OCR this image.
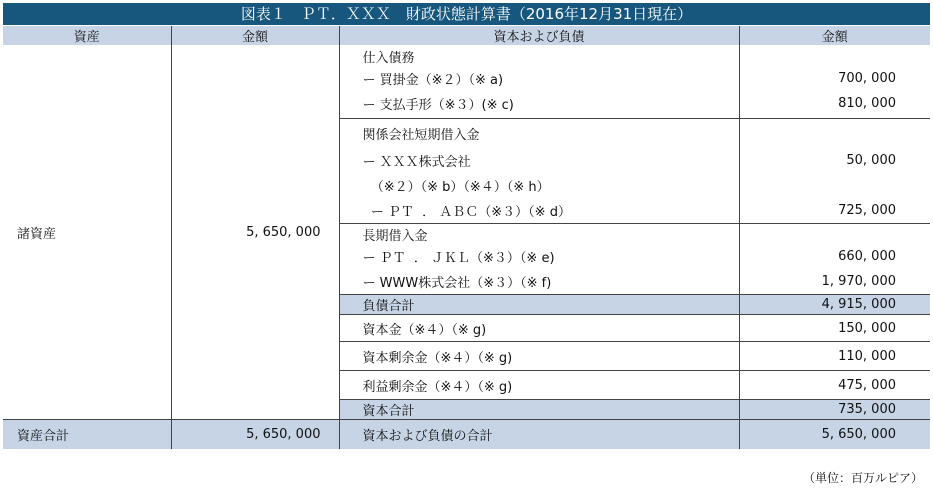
図表１　ＰＴ．ＸＸＸ　財政状態計算書（2016年12月31日現在）
資産	金額	資本および負債	金額
諸資産	5, 650, 000	仕入債務	
		ー 買掛金（※２）（※ a)	700, 000
		ー 支払手形（※３）(※ c)	810, 000
		関係会社短期借入金	
		ー ＸＸＸ株式会社	50, 000
		（※２）（※ b）（※４）（※ h）	
		ー ＰＴ  ． ＡＢＣ（※３）（※ d）	725, 000
		長期借入金	
		ー ＰＴ  ． ＪＫＬ（※３）（※ e)	660, 000
		ー WWW株式会社（※３）（※ f)	1, 970, 000
		負債合計	4, 915, 000
		資本金（※４）（※ g)	150, 000
		資本剰余金（※４）（※ g)	110, 000
		利益剰余金（※４）（※ g)	475, 000
		資本合計	735, 000
資産合計	5, 650, 000	資本および負債の合計	5, 650, 000
（単位：百万ルピア）
